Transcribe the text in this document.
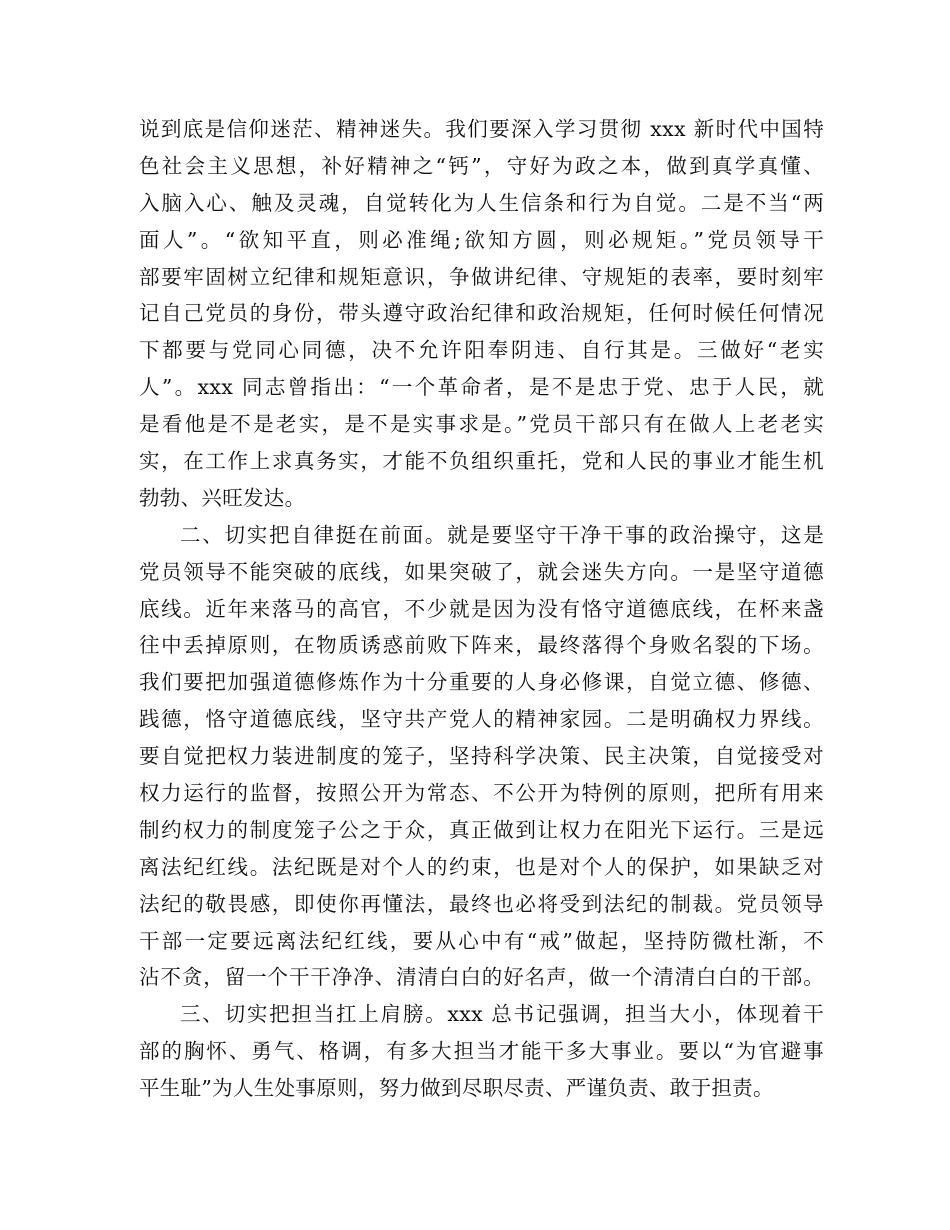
说到底是信仰迷茫、精神迷失。我们要深入学习贯彻 xxx 新时代中国特
色社会主义思想，补好精神之“钙”，守好为政之本，做到真学真懂、
入脑入心、触及灵魂，自觉转化为人生信条和行为自觉。二是不当“两
面人”。“欲知平直，则必准绳;欲知方圆，则必规矩。”党员领导干
部要牢固树立纪律和规矩意识，争做讲纪律、守规矩的表率，要时刻牢
记自己党员的身份，带头遵守政治纪律和政治规矩，任何时候任何情况
下都要与党同心同德，决不允许阳奉阴违、自行其是。三做好“老实
人”。xxx 同志曾指出：“一个革命者，是不是忠于党、忠于人民，就
是看他是不是老实，是不是实事求是。”党员干部只有在做人上老老实
实，在工作上求真务实，才能不负组织重托，党和人民的事业才能生机
勃勃、兴旺发达。
二、切实把自律挺在前面。就是要坚守干净干事的政治操守，这是
党员领导不能突破的底线，如果突破了，就会迷失方向。一是坚守道德
底线。近年来落马的高官，不少就是因为没有恪守道德底线，在杯来盏
往中丢掉原则，在物质诱惑前败下阵来，最终落得个身败名裂的下场。
我们要把加强道德修炼作为十分重要的人身必修课，自觉立德、修德、
践德，恪守道德底线，坚守共产党人的精神家园。二是明确权力界线。
要自觉把权力装进制度的笼子，坚持科学决策、民主决策，自觉接受对
权力运行的监督，按照公开为常态、不公开为特例的原则，把所有用来
制约权力的制度笼子公之于众，真正做到让权力在阳光下运行。三是远
离法纪红线。法纪既是对个人的约束，也是对个人的保护，如果缺乏对
法纪的敬畏感，即使你再懂法，最终也必将受到法纪的制裁。党员领导
干部一定要远离法纪红线，要从心中有“戒”做起，坚持防微杜渐，不
沾不贪，留一个干干净净、清清白白的好名声，做一个清清白白的干部。
三、切实把担当扛上肩膀。xxx 总书记强调，担当大小，体现着干
部的胸怀、勇气、格调，有多大担当才能干多大事业。要以“为官避事
平生耻”为人生处事原则，努力做到尽职尽责、严谨负责、敢于担责。
